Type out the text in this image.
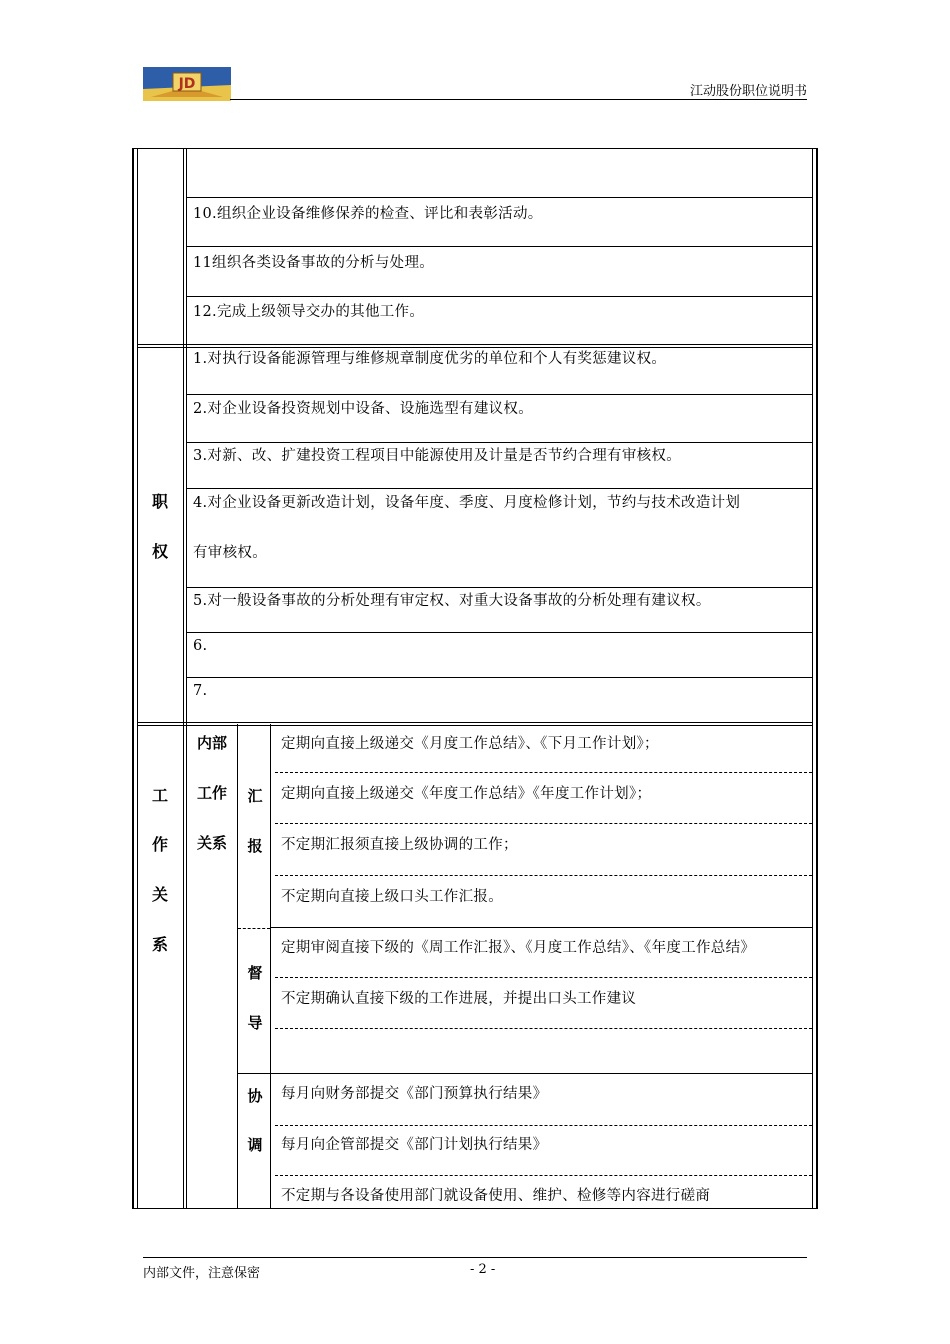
JD	江动股份职位说明书
10.组织企业设备维修保养的检查、评比和表彰活动。
11组织各类设备事故的分析与处理。
12.完成上级领导交办的其他工作。
职
权
1.对执行设备能源管理与维修规章制度优劣的单位和个人有奖惩建议权。
2.对企业设备投资规划中设备、设施选型有建议权。
3.对新、改、扩建投资工程项目中能源使用及计量是否节约合理有审核权。
4.对企业设备更新改造计划，设备年度、季度、月度检修计划，节约与技术改造计划
有审核权。
5.对一般设备事故的分析处理有审定权、对重大设备事故的分析处理有建议权。
6.
7.
工
作
关
系
内部
工作
关系
汇
报
督
导
协
调
定期向直接上级递交《月度工作总结》、《下月工作计划》；
定期向直接上级递交《年度工作总结》《年度工作计划》；
不定期汇报须直接上级协调的工作；
不定期向直接上级口头工作汇报。
定期审阅直接下级的《周工作汇报》、《月度工作总结》、《年度工作总结》
不定期确认直接下级的工作进展，并提出口头工作建议
每月向财务部提交《部门预算执行结果》
每月向企管部提交《部门计划执行结果》
不定期与各设备使用部门就设备使用、维护、检修等内容进行磋商
内部文件，注意保密	- 2 -
